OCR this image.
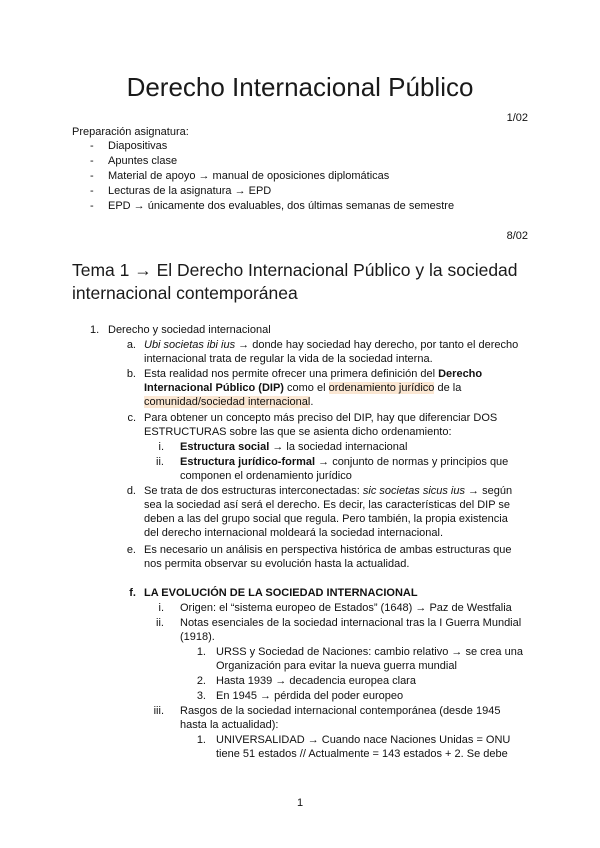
Derecho Internacional Público
1/02
Preparación asignatura:
- Diapositivas
- Apuntes clase
- Material de apoyo → manual de oposiciones diplomáticas
- Lecturas de la asignatura → EPD
- EPD → únicamente dos evaluables, dos últimas semanas de semestre
8/02
Tema 1 → El Derecho Internacional Público y la sociedad internacional contemporánea
1. Derecho y sociedad internacional
a. Ubi societas ibi ius → donde hay sociedad hay derecho, por tanto el derecho
internacional trata de regular la vida de la sociedad interna.
b. Esta realidad nos permite ofrecer una primera definición del Derecho
Internacional Público (DIP) como el ordenamiento jurídico de la
comunidad/sociedad internacional.
c. Para obtener un concepto más preciso del DIP, hay que diferenciar DOS
ESTRUCTURAS sobre las que se asienta dicho ordenamiento:
i. Estructura social → la sociedad internacional
ii. Estructura jurídico-formal → conjunto de normas y principios que
componen el ordenamiento jurídico
d. Se trata de dos estructuras interconectadas: sic societas sicus ius → según
sea la sociedad así será el derecho. Es decir, las características del DIP se
deben a las del grupo social que regula. Pero también, la propia existencia
del derecho internacional moldeará la sociedad internacional.
e. Es necesario un análisis en perspectiva histórica de ambas estructuras que
nos permita observar su evolución hasta la actualidad.
f. LA EVOLUCIÓN DE LA SOCIEDAD INTERNACIONAL
i. Origen: el “sistema europeo de Estados” (1648) → Paz de Westfalia
ii. Notas esenciales de la sociedad internacional tras la I Guerra Mundial
(1918).
1. URSS y Sociedad de Naciones: cambio relativo → se crea una
Organización para evitar la nueva guerra mundial
2. Hasta 1939 → decadencia europea clara
3. En 1945 → pérdida del poder europeo
iii. Rasgos de la sociedad internacional contemporánea (desde 1945
hasta la actualidad):
1. UNIVERSALIDAD → Cuando nace Naciones Unidas = ONU
tiene 51 estados // Actualmente = 143 estados + 2. Se debe
1
